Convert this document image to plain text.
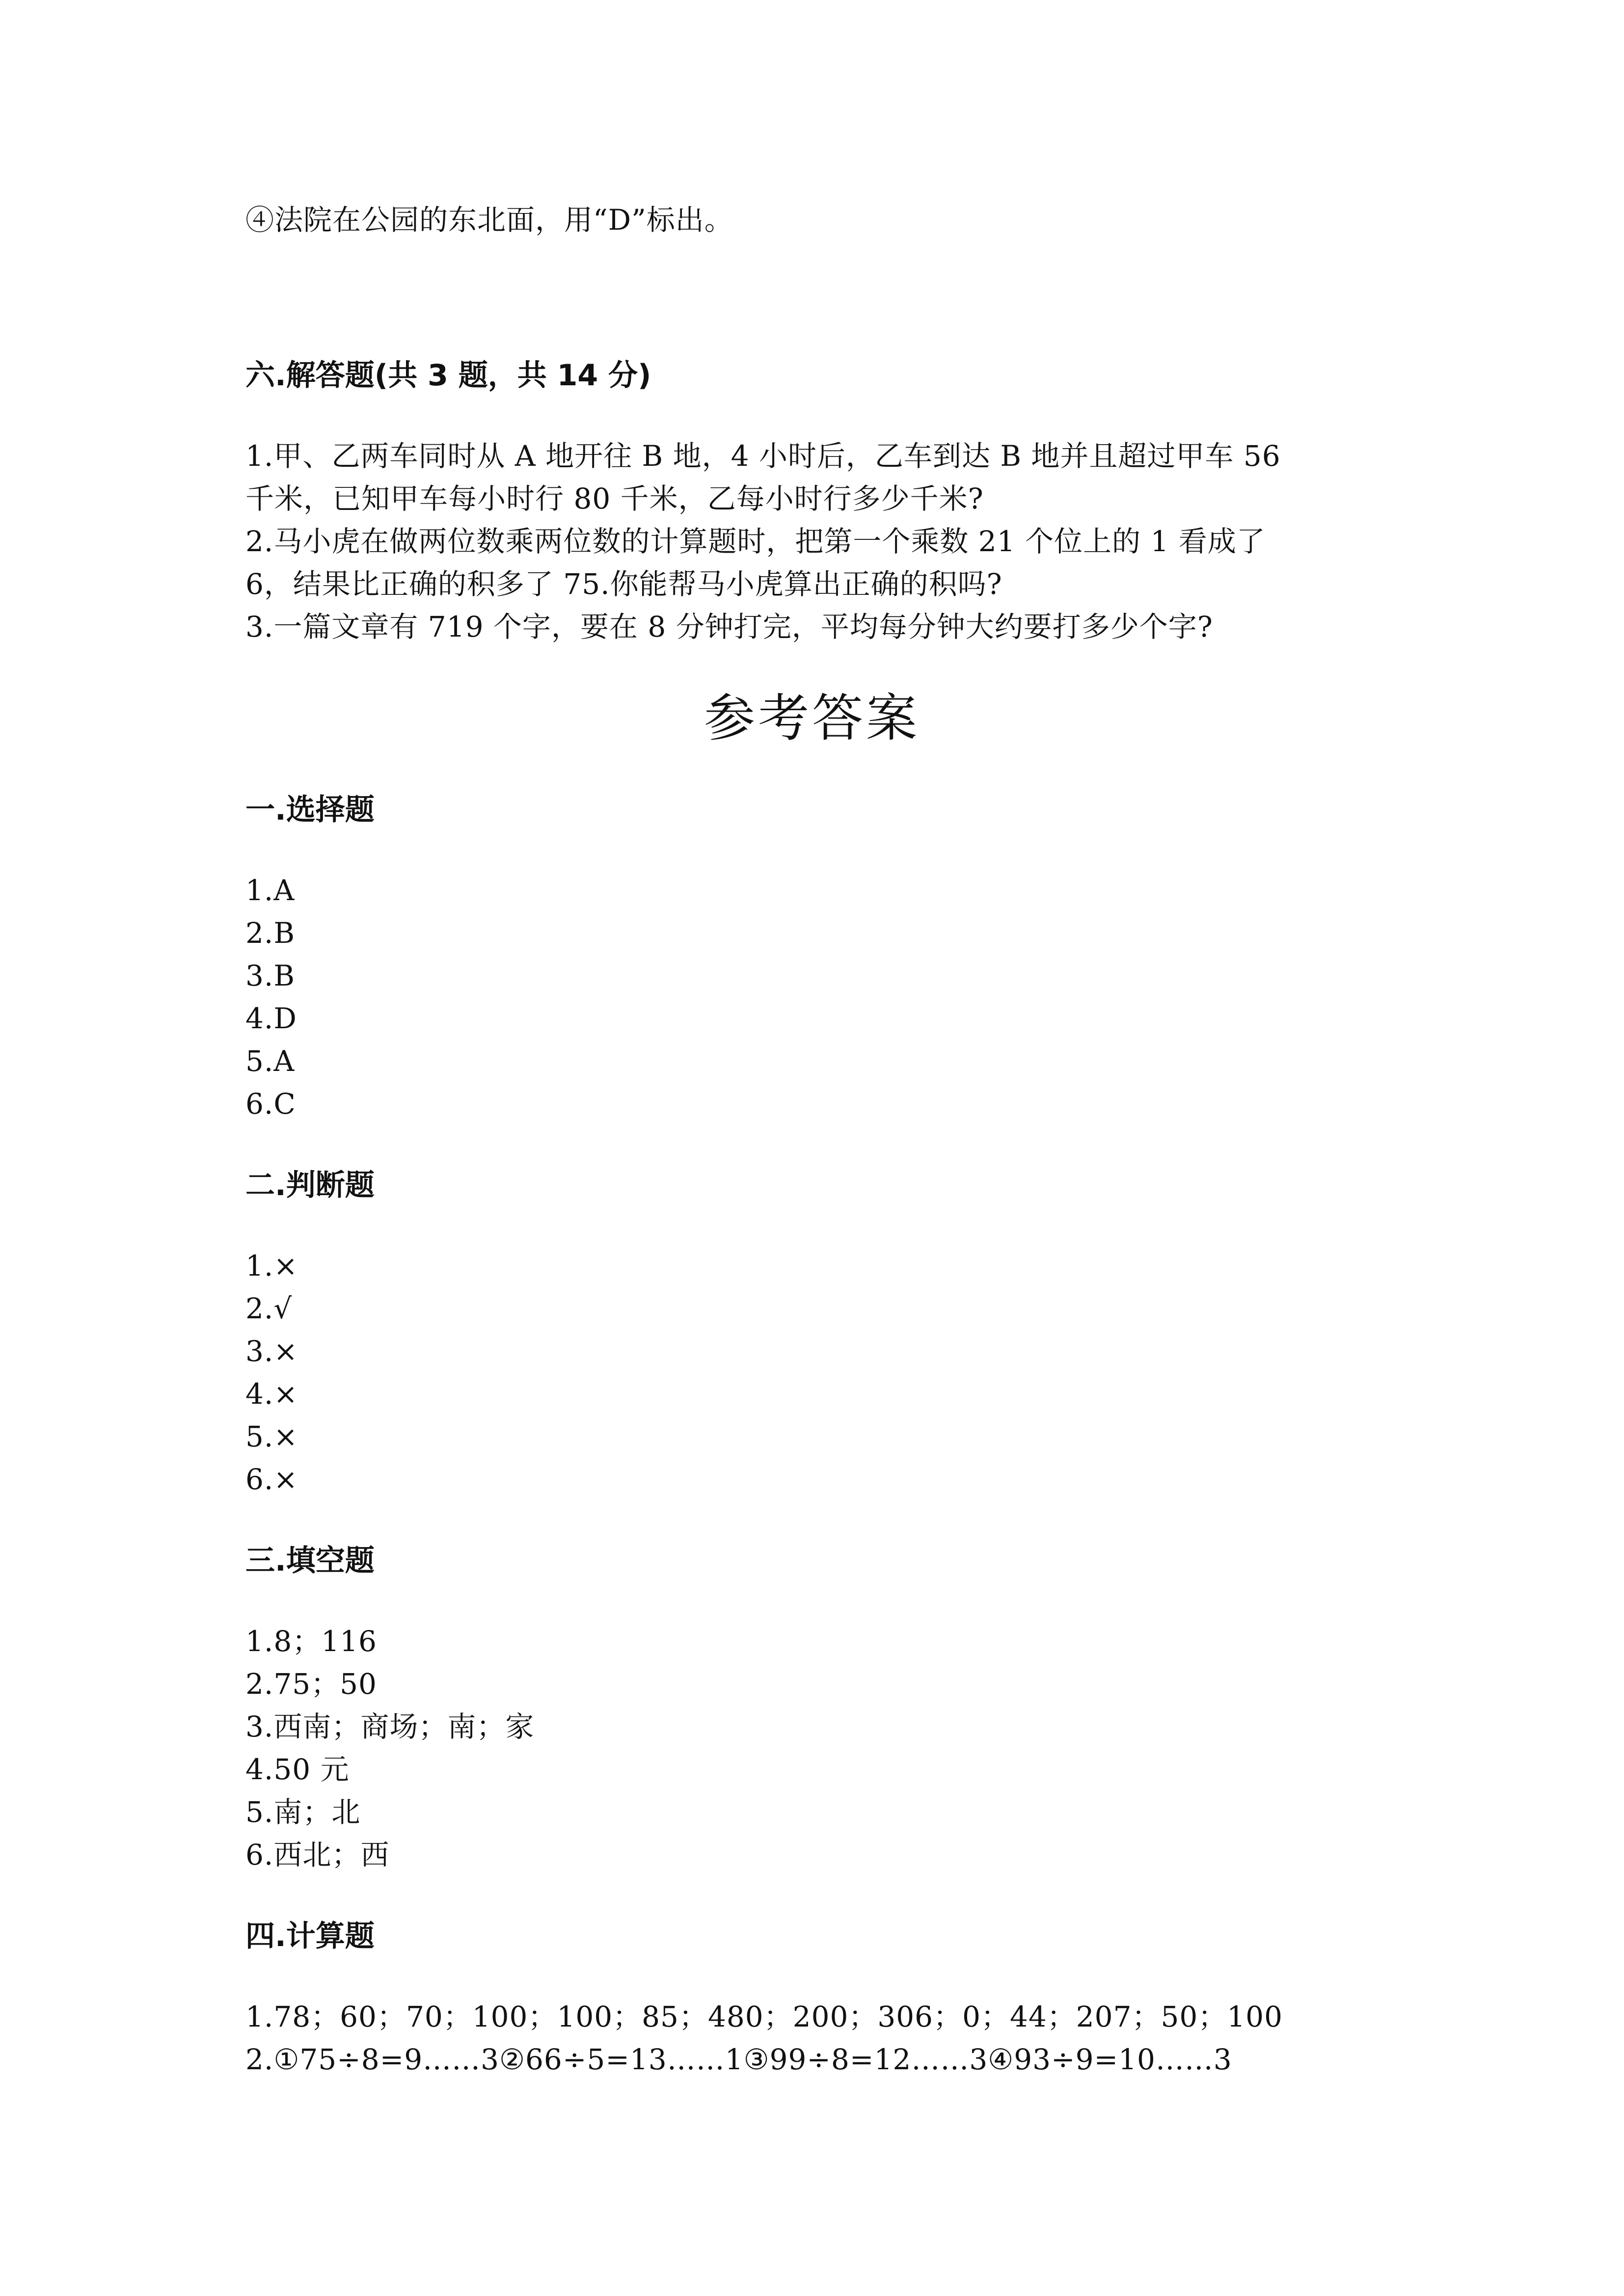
④法院在公园的东北面，用“D”标出。
六.解答题(共 3 题，共 14 分)
1.甲、乙两车同时从 A 地开往 B 地，4 小时后，乙车到达 B 地并且超过甲车 56
千米，已知甲车每小时行 80 千米，乙每小时行多少千米?
2.马小虎在做两位数乘两位数的计算题时，把第一个乘数 21 个位上的 1 看成了
6，结果比正确的积多了 75.你能帮马小虎算出正确的积吗?
3.一篇文章有 719 个字，要在 8 分钟打完，平均每分钟大约要打多少个字?
参考答案
一.选择题
1.A
2.B
3.B
4.D
5.A
6.C
二.判断题
1.×
2.√
3.×
4.×
5.×
6.×
三.填空题
1.8；116
2.75；50
3.西南；商场；南；家
4.50 元
5.南；北
6.西北；西
四.计算题
1.78；60；70；100；100；85；480；200；306；0；44；207；50；100
2.①75÷8=9……3②66÷5=13……1③99÷8=12……3④93÷9=10……3
